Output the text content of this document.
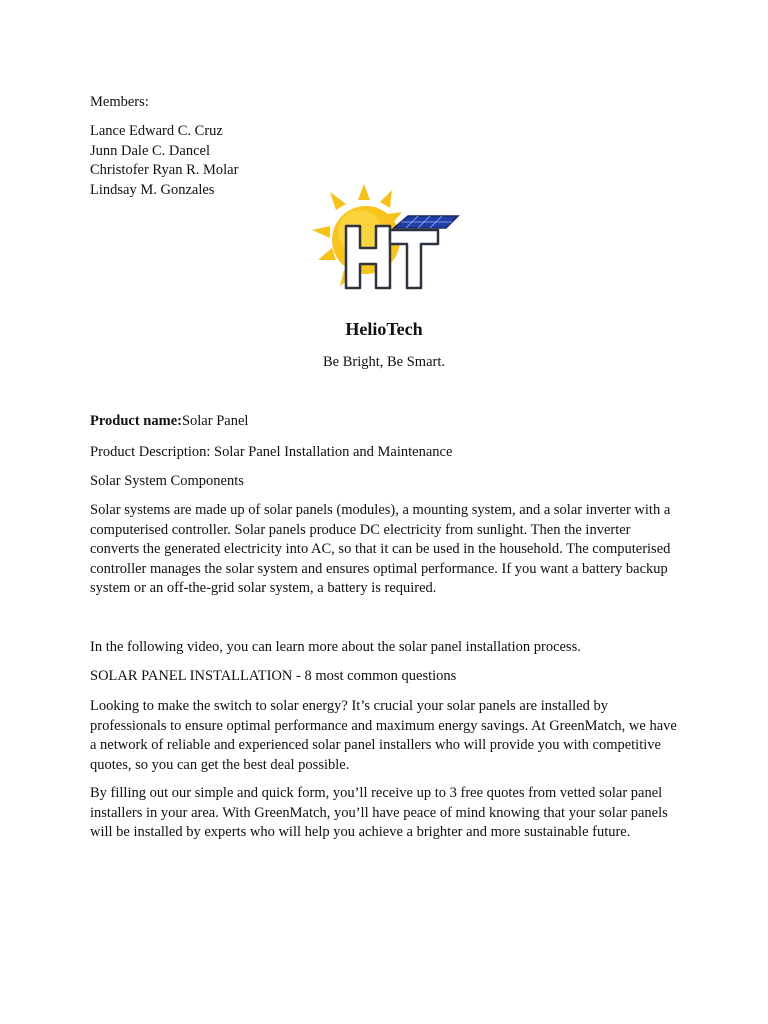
Members:

Lance Edward C. Cruz
Junn Dale C. Dancel
Christofer Ryan R. Molar
Lindsay M. Gonzales
HelioTech
Be Bright, Be Smart.

Product name:Solar Panel

Product Description: Solar Panel Installation and Maintenance

Solar System Components

Solar systems are made up of solar panels (modules), a mounting system, and a solar inverter with a computerised controller. Solar panels produce DC electricity from sunlight. Then the inverter converts the generated electricity into AC, so that it can be used in the household. The computerised controller manages the solar system and ensures optimal performance. If you want a battery backup system or an off-the-grid solar system, a battery is required.

In the following video, you can learn more about the solar panel installation process.

SOLAR PANEL INSTALLATION - 8 most common questions

Looking to make the switch to solar energy? It’s crucial your solar panels are installed by professionals to ensure optimal performance and maximum energy savings. At GreenMatch, we have a network of reliable and experienced solar panel installers who will provide you with competitive quotes, so you can get the best deal possible.

By filling out our simple and quick form, you’ll receive up to 3 free quotes from vetted solar panel installers in your area. With GreenMatch, you’ll have peace of mind knowing that your solar panels will be installed by experts who will help you achieve a brighter and more sustainable future.
